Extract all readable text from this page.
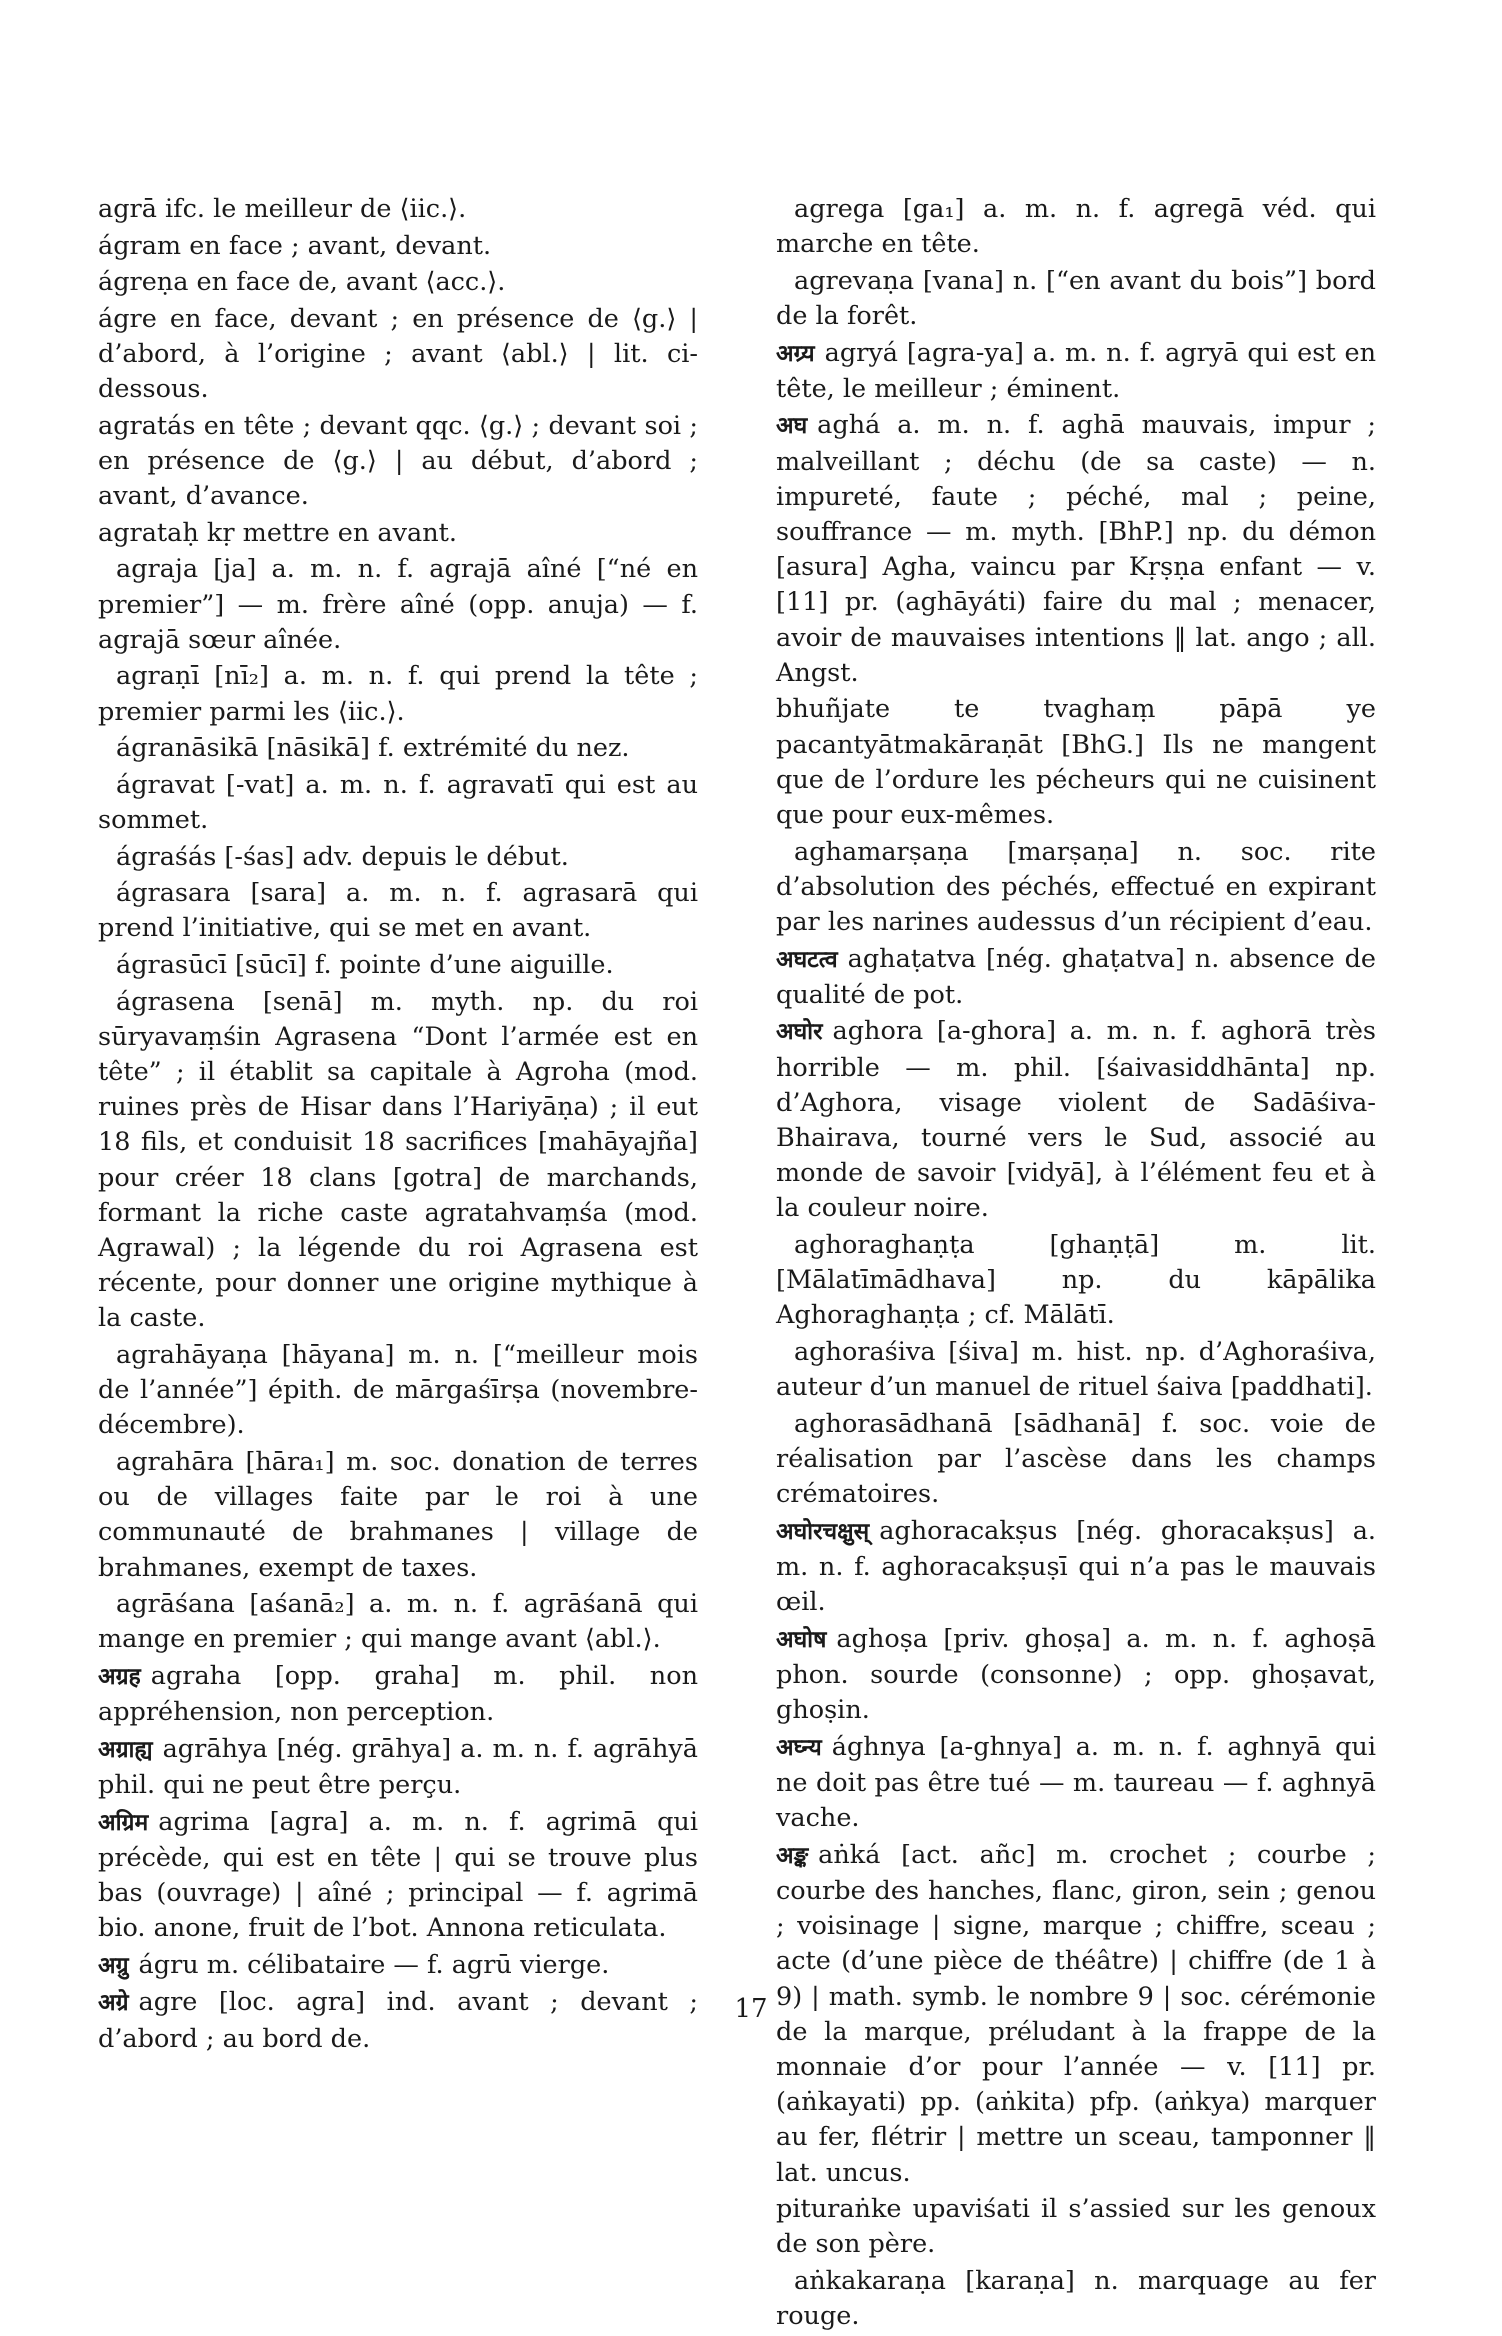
agrā ifc. le meilleur de ⟨iic.⟩.

ágram en face ; avant, devant.

ágreṇa en face de, avant ⟨acc.⟩.

ágre en face, devant ; en présence de ⟨g.⟩ | d’abord, à l’origine ; avant ⟨abl.⟩ | lit. ci-dessous.

agratás en tête ; devant qqc. ⟨g.⟩ ; devant soi ; en présence de ⟨g.⟩ | au début, d’abord ; avant, d’avance.

agrataḥ kṛ mettre en avant.

agraja [ja] a. m. n. f. agrajā aîné [“né en premier”] — m. frère aîné (opp. anuja) — f. agrajā sœur aînée.

agraṇī [nī₂] a. m. n. f. qui prend la tête ; premier parmi les ⟨iic.⟩.

ágranāsikā [nāsikā] f. extrémité du nez.

ágravat [-vat] a. m. n. f. agravatī qui est au sommet.

ágraśás [-śas] adv. depuis le début.

ágrasara [sara] a. m. n. f. agrasarā qui prend l’initiative, qui se met en avant.

ágrasūcī [sūcī] f. pointe d’une aiguille.

ágrasena [senā] m. myth. np. du roi sūryavaṃśin Agrasena “Dont l’armée est en tête” ; il établit sa capitale à Agroha (mod. ruines près de Hisar dans l’Hariyāṇa) ; il eut 18 fils, et conduisit 18 sacrifices [mahāyajña] pour créer 18 clans [gotra] de marchands, formant la riche caste agratahvaṃśa (mod. Agrawal) ; la légende du roi Agrasena est récente, pour donner une origine mythique à la caste.

agrahāyaṇa [hāyana] m. n. [“meilleur mois de l’année”] épith. de mārgaśīrṣa (novembre-décembre).

agrahāra [hāra₁] m. soc. donation de terres ou de villages faite par le roi à une communauté de brahmanes | village de brahmanes, exempt de taxes.

agrāśana [aśanā₂] a. m. n. f. agrāśanā qui mange en premier ; qui mange avant ⟨abl.⟩.

अग्रह agraha [opp. graha] m. phil. non appréhension, non perception.

अग्राह्य agrāhya [nég. grāhya] a. m. n. f. agrāhyā phil. qui ne peut être perçu.

अग्रिम agrima [agra] a. m. n. f. agrimā qui précède, qui est en tête | qui se trouve plus bas (ouvrage) | aîné ; principal — f. agrimā bio. anone, fruit de l’bot. Annona reticulata.

अग्रु ágru m. célibataire — f. agrū vierge.

अग्रे agre [loc. agra] ind. avant ; devant ; d’abord ; au bord de.

agrega [ga₁] a. m. n. f. agregā véd. qui marche en tête.

agrevaṇa [vana] n. [“en avant du bois”] bord de la forêt.

अग्र्य agryá [agra-ya] a. m. n. f. agryā qui est en tête, le meilleur ; éminent.

अघ aghá a. m. n. f. aghā mauvais, impur ; malveillant ; déchu (de sa caste) — n. impureté, faute ; péché, mal ; peine, souffrance — m. myth. [BhP.] np. du démon [asura] Agha, vaincu par Kṛṣṇa enfant — v. [11] pr. (aghāyáti) faire du mal ; menacer, avoir de mauvaises intentions ‖ lat. ango ; all. Angst.

bhuñjate te tvaghaṃ pāpā ye pacantyātmakāraṇāt [BhG.] Ils ne mangent que de l’ordure les pécheurs qui ne cuisinent que pour eux-mêmes.

aghamarṣaṇa [marṣaṇa] n. soc. rite d’absolution des péchés, effectué en expirant par les narines audessus d’un récipient d’eau.

अघटत्व aghaṭatva [nég. ghaṭatva] n. absence de qualité de pot.

अघोर aghora [a-ghora] a. m. n. f. aghorā très horrible — m. phil. [śaivasiddhānta] np. d’Aghora, visage violent de Sadāśiva-Bhairava, tourné vers le Sud, associé au monde de savoir [vidyā], à l’élément feu et à la couleur noire.

aghoraghaṇṭa [ghaṇṭā] m. lit. [Mālatīmādhava] np. du kāpālika Aghoraghaṇṭa ; cf. Mālātī.

aghoraśiva [śiva] m. hist. np. d’Aghoraśiva, auteur d’un manuel de rituel śaiva [paddhati].

aghorasādhanā [sādhanā] f. soc. voie de réalisation par l’ascèse dans les champs crématoires.

अघोरचक्षुस् aghoracakṣus [nég. ghoracakṣus] a. m. n. f. aghoracakṣuṣī qui n’a pas le mauvais œil.

अघोष aghoṣa [priv. ghoṣa] a. m. n. f. aghoṣā phon. sourde (consonne) ; opp. ghoṣavat, ghoṣin.

अघ्न्य ághnya [a-ghnya] a. m. n. f. aghnyā qui ne doit pas être tué — m. taureau — f. aghnyā vache.

अङ्क aṅká [act. añc] m. crochet ; courbe ; courbe des hanches, flanc, giron, sein ; genou ; voisinage | signe, marque ; chiffre, sceau ; acte (d’une pièce de théâtre) | chiffre (de 1 à 9) | math. symb. le nombre 9 | soc. cérémonie de la marque, préludant à la frappe de la monnaie d’or pour l’année — v. [11] pr. (aṅkayati) pp. (aṅkita) pfp. (aṅkya) marquer au fer, flétrir | mettre un sceau, tamponner ‖ lat. uncus.

pituraṅke upaviśati il s’assied sur les genoux de son père.

aṅkakaraṇa [karaṇa] n. marquage au fer rouge.

17
